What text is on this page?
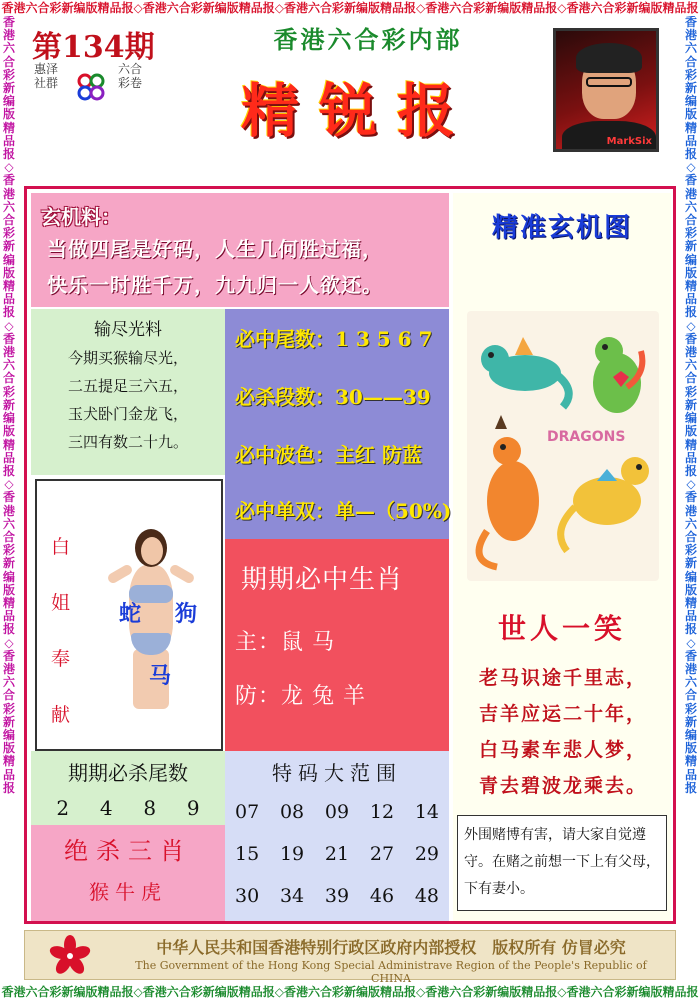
香港六合彩新编版精品报◇香港六合彩新编版精品报◇香港六合彩新编版精品报◇香港六合彩新编版精品报◇香港六合彩新编版精品报
香港六合彩新编版精品报◇香港六合彩新编版精品报◇香港六合彩新编版精品报◇香港六合彩新编版精品报◇香港六合彩新编版精品报
香港六合彩新编版精品报◇香港六合彩新编版精品报◇香港六合彩新编版精品报◇香港六合彩新编版精品报◇香港六合彩新编版精品报
香港六合彩新编版精品报◇香港六合彩新编版精品报◇香港六合彩新编版精品报◇香港六合彩新编版精品报◇香港六合彩新编版精品报
第134期
惠泽社群
六合彩卷
香港六合彩内部
精锐报	MarkSix
玄机料：
当做四尾是好码，人生几何胜过福，
快乐一时胜千万，九九归一人欲还。
输尽光料
今期买猴输尽光，
二五提足三六五，
玉犬卧门金龙飞，
三四有数二十九。
必中尾数：1 3 5 6 7
必杀段数：30——39
必中波色：主红 防蓝
必中单双：单—（50%)
白姐奉献
蛇 狗
马
期期必中生肖
主：鼠 马
防：龙 兔 羊
期期必杀尾数
2 4 8 9
绝杀三肖
猴牛虎
特码大范围
07 08 09 12 14
15 19 21 27 29
30 34 39 46 48
精准玄机图
DRAGONS
世人一笑
老马识途千里志，
吉羊应运二十年，
白马素车悲人梦，
青去碧波龙乘去。
外围赌博有害，请大家自觉遵守。在赌之前想一下上有父母，下有妻小。
中华人民共和国香港特别行政区政府内部授权　版权所有 仿冒必究
The Government of the Hong Kong Special Administrave Region of the People's Republic of CHINA
